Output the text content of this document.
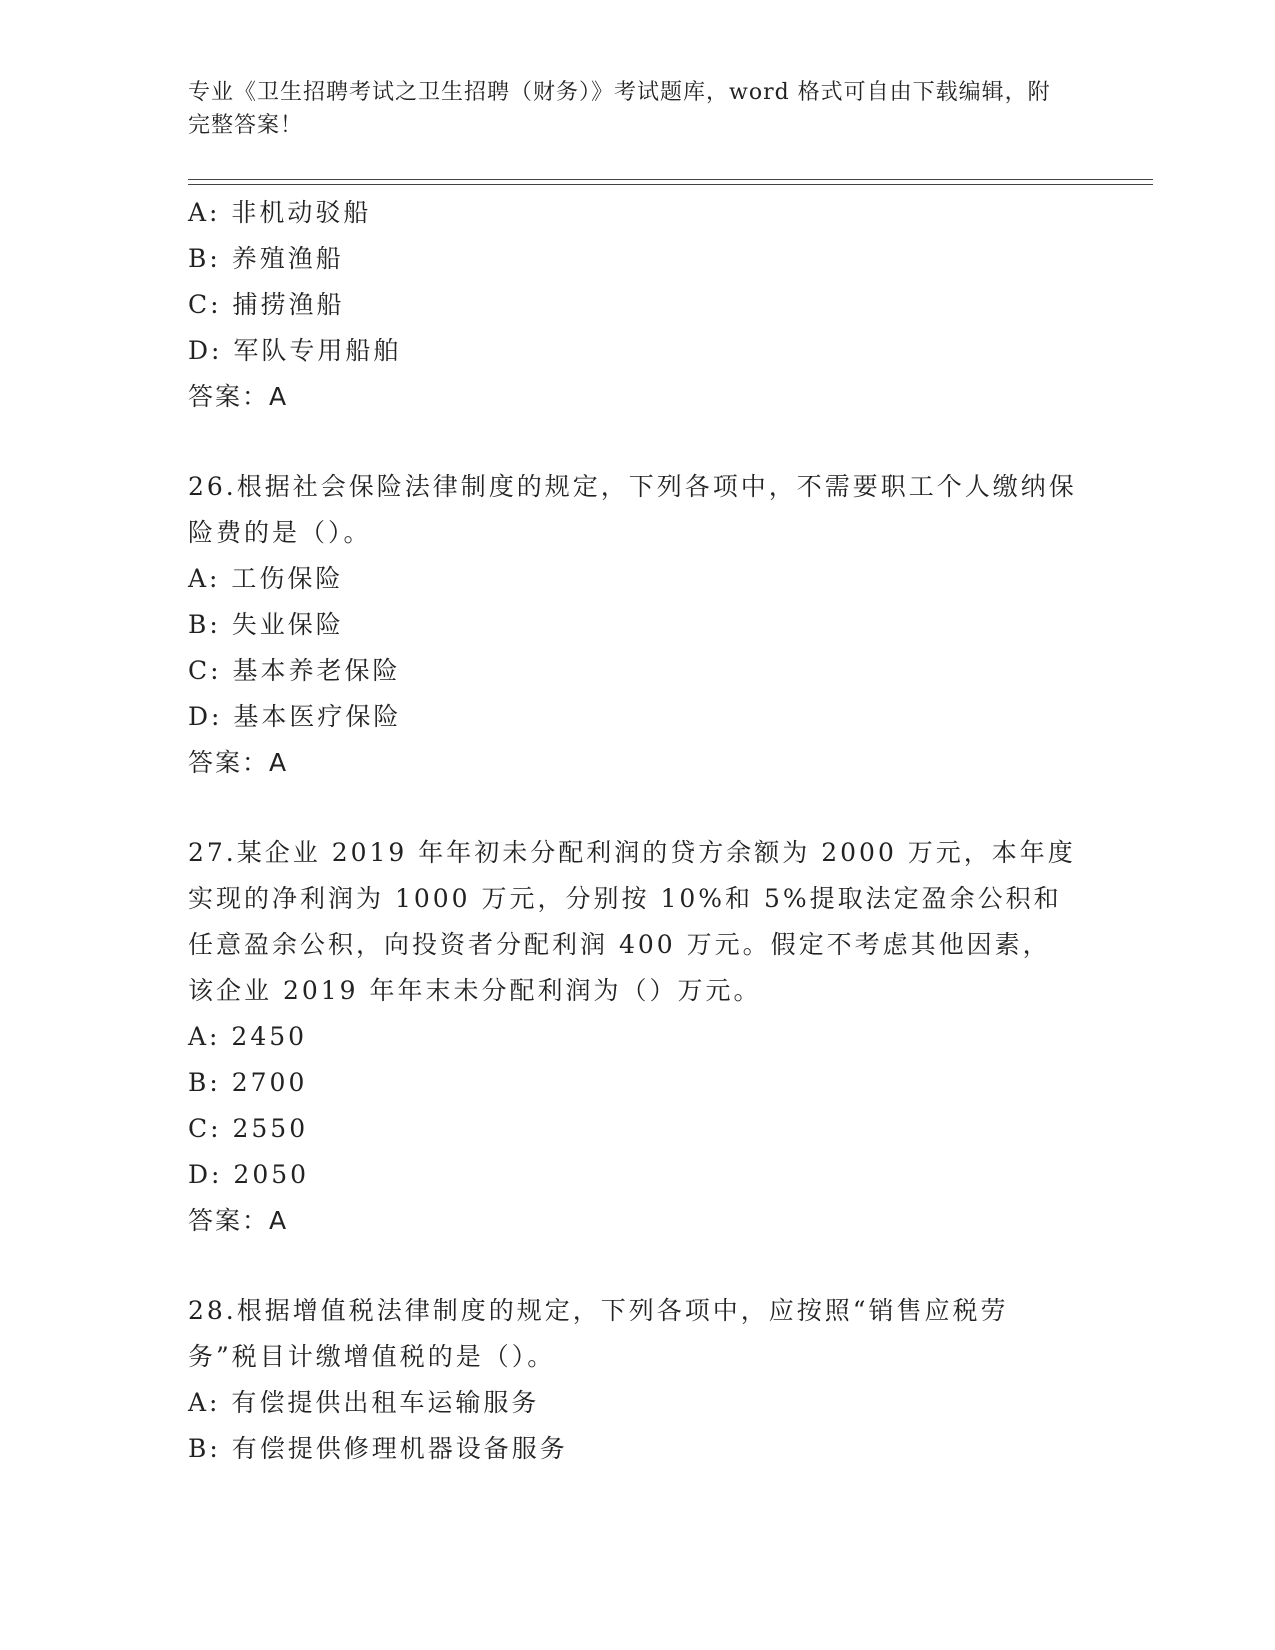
专业《卫生招聘考试之卫生招聘（财务）》考试题库，word 格式可自由下载编辑，附完整答案！
A: 非机动驳船
B: 养殖渔船
C: 捕捞渔船
D: 军队专用船舶
答案：A
26.根据社会保险法律制度的规定，下列各项中，不需要职工个人缴纳保险费的是（）。
A: 工伤保险
B: 失业保险
C: 基本养老保险
D: 基本医疗保险
答案：A
27.某企业 2019 年年初未分配利润的贷方余额为 2000 万元，本年度实现的净利润为 1000 万元，分别按 10%和 5%提取法定盈余公积和任意盈余公积，向投资者分配利润 400 万元。假定不考虑其他因素，该企业 2019 年年末未分配利润为（）万元。
A: 2450
B: 2700
C: 2550
D: 2050
答案：A
28.根据增值税法律制度的规定，下列各项中，应按照“销售应税劳务”税目计缴增值税的是（）。
A: 有偿提供出租车运输服务
B: 有偿提供修理机器设备服务
